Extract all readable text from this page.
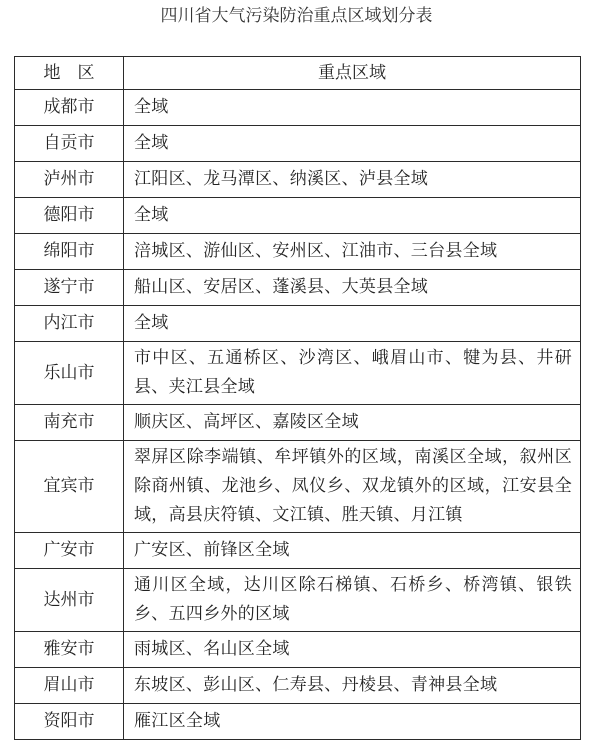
四川省大气污染防治重点区域划分表
地　区	重点区域
成都市	全域
自贡市	全域
泸州市	江阳区、龙马潭区、纳溪区、泸县全域
德阳市	全域
绵阳市	涪城区、游仙区、安州区、江油市、三台县全域
遂宁市	船山区、安居区、蓬溪县、大英县全域
内江市	全域
乐山市	市中区、五通桥区、沙湾区、峨眉山市、犍为县、井研县、夹江县全域
南充市	顺庆区、高坪区、嘉陵区全域
宜宾市	翠屏区除李端镇、牟坪镇外的区域，南溪区全域，叙州区除商州镇、龙池乡、凤仪乡、双龙镇外的区域，江安县全域，高县庆符镇、文江镇、胜天镇、月江镇
广安市	广安区、前锋区全域
达州市	通川区全域，达川区除石梯镇、石桥乡、桥湾镇、银铁乡、五四乡外的区域
雅安市	雨城区、名山区全域
眉山市	东坡区、彭山区、仁寿县、丹棱县、青神县全域
资阳市	雁江区全域
